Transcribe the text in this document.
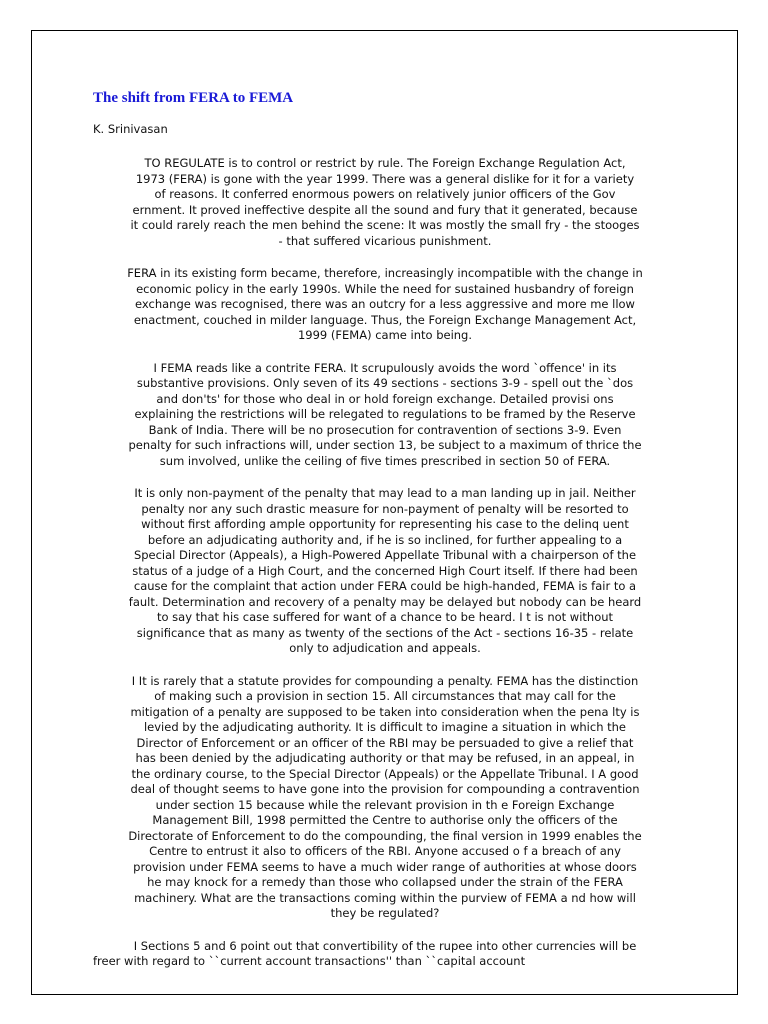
The shift from FERA to FEMA
K. Srinivasan
TO REGULATE is to control or restrict by rule. The Foreign Exchange Regulation Act,
1973 (FERA) is gone with the year 1999. There was a general dislike for it for a variety
of reasons. It conferred enormous powers on relatively junior officers of the Gov
ernment. It proved ineffective despite all the sound and fury that it generated, because
it could rarely reach the men behind the scene: It was mostly the small fry - the stooges
- that suffered vicarious punishment.
FERA in its existing form became, therefore, increasingly incompatible with the change in
economic policy in the early 1990s. While the need for sustained husbandry of foreign
exchange was recognised, there was an outcry for a less aggressive and more me llow
enactment, couched in milder language. Thus, the Foreign Exchange Management Act,
1999 (FEMA) came into being.
I FEMA reads like a contrite FERA. It scrupulously avoids the word `offence' in its
substantive provisions. Only seven of its 49 sections - sections 3-9 - spell out the `dos
and don'ts' for those who deal in or hold foreign exchange. Detailed provisi ons
explaining the restrictions will be relegated to regulations to be framed by the Reserve
Bank of India. There will be no prosecution for contravention of sections 3-9. Even
penalty for such infractions will, under section 13, be subject to a maximum of thrice the
sum involved, unlike the ceiling of five times prescribed in section 50 of FERA.
It is only non-payment of the penalty that may lead to a man landing up in jail. Neither
penalty nor any such drastic measure for non-payment of penalty will be resorted to
without first affording ample opportunity for representing his case to the delinq uent
before an adjudicating authority and, if he is so inclined, for further appealing to a
Special Director (Appeals), a High-Powered Appellate Tribunal with a chairperson of the
status of a judge of a High Court, and the concerned High Court itself. If there had been
cause for the complaint that action under FERA could be high-handed, FEMA is fair to a
fault. Determination and recovery of a penalty may be delayed but nobody can be heard
to say that his case suffered for want of a chance to be heard. I t is not without
significance that as many as twenty of the sections of the Act - sections 16-35 - relate
only to adjudication and appeals.
I It is rarely that a statute provides for compounding a penalty. FEMA has the distinction
of making such a provision in section 15. All circumstances that may call for the
mitigation of a penalty are supposed to be taken into consideration when the pena lty is
levied by the adjudicating authority. It is difficult to imagine a situation in which the
Director of Enforcement or an officer of the RBI may be persuaded to give a relief that
has been denied by the adjudicating authority or that may be refused, in an appeal, in
the ordinary course, to the Special Director (Appeals) or the Appellate Tribunal. I A good
deal of thought seems to have gone into the provision for compounding a contravention
under section 15 because while the relevant provision in th e Foreign Exchange
Management Bill, 1998 permitted the Centre to authorise only the officers of the
Directorate of Enforcement to do the compounding, the final version in 1999 enables the
Centre to entrust it also to officers of the RBI. Anyone accused o f a breach of any
provision under FEMA seems to have a much wider range of authorities at whose doors
he may knock for a remedy than those who collapsed under the strain of the FERA
machinery. What are the transactions coming within the purview of FEMA a nd how will
they be regulated?
I Sections 5 and 6 point out that convertibility of the rupee into other currencies will be
freer with regard to ``current account transactions'' than ``capital account
